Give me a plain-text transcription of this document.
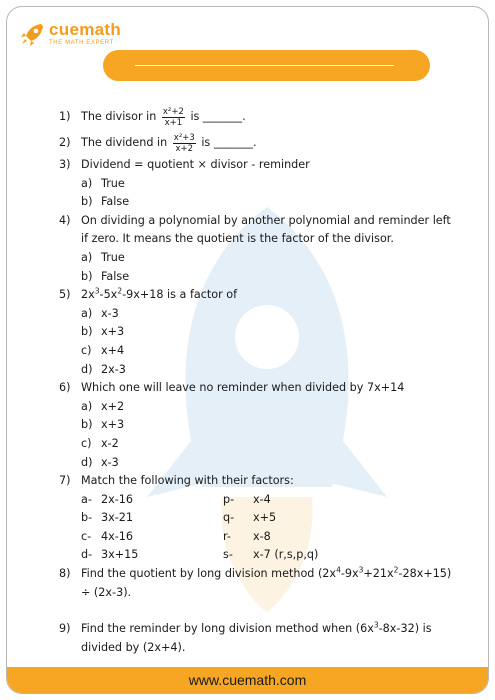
cuemath
THE MATH EXPERT
1) The divisor in $\frac{\text{x²+2}}{x+1}$ is _______.
2) The dividend in $\frac{\text{x²+3}}{x+2}$ is _______.
3) Dividend = quotient × divisor - reminder
a) True
b) False
4) On dividing a polynomial by another polynomial and reminder left if zero. It means the quotient is the factor of the divisor.
a) True
b) False
5) $2x^3-5x^2-9x+18$ is a factor of
a) x-3
b) x+3
c) x+4
d) 2x-3
6) Which one will leave no reminder when divided by 7x+14
a) x+2
b) x+3
c) x-2
d) x-3
7) Match the following with their factors:
a- 2x-16	p-	x-4
b- 3x-21	q-	x+5
c- 4x-16	r-	x-8
d- 3x+15	s-	x-7 (r,s,p,q)
8) Find the quotient by long division method $(2x^4-9x^3+21x^2-28x+15) \div (2x-3)$.
9) Find the reminder by long division method when $(6x^3-8x-32)$ is divided by (2x+4).
www.cuemath.com
